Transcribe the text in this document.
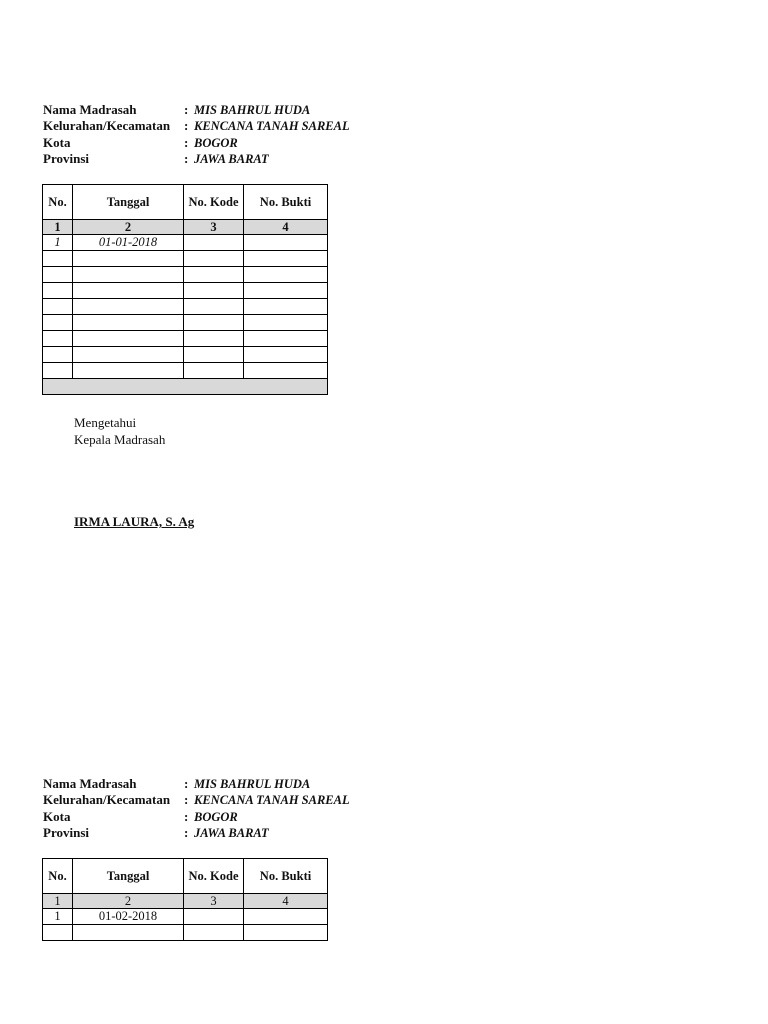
Nama Madrasah	: MIS BAHRUL HUDA
Kelurahan/Kecamatan	: KENCANA TANAH SAREAL
Kota	: BOGOR
Provinsi	: JAWA BARAT
No.	Tanggal	No. Kode	No. Bukti
1	2	3	4
1	01-01-2018		

Mengetahui
Kepala Madrasah
IRMA LAURA, S. Ag
Nama Madrasah	: MIS BAHRUL HUDA
Kelurahan/Kecamatan	: KENCANA TANAH SAREAL
Kota	: BOGOR
Provinsi	: JAWA BARAT
No.	Tanggal	No. Kode	No. Bukti
1	2	3	4
1	01-02-2018		
